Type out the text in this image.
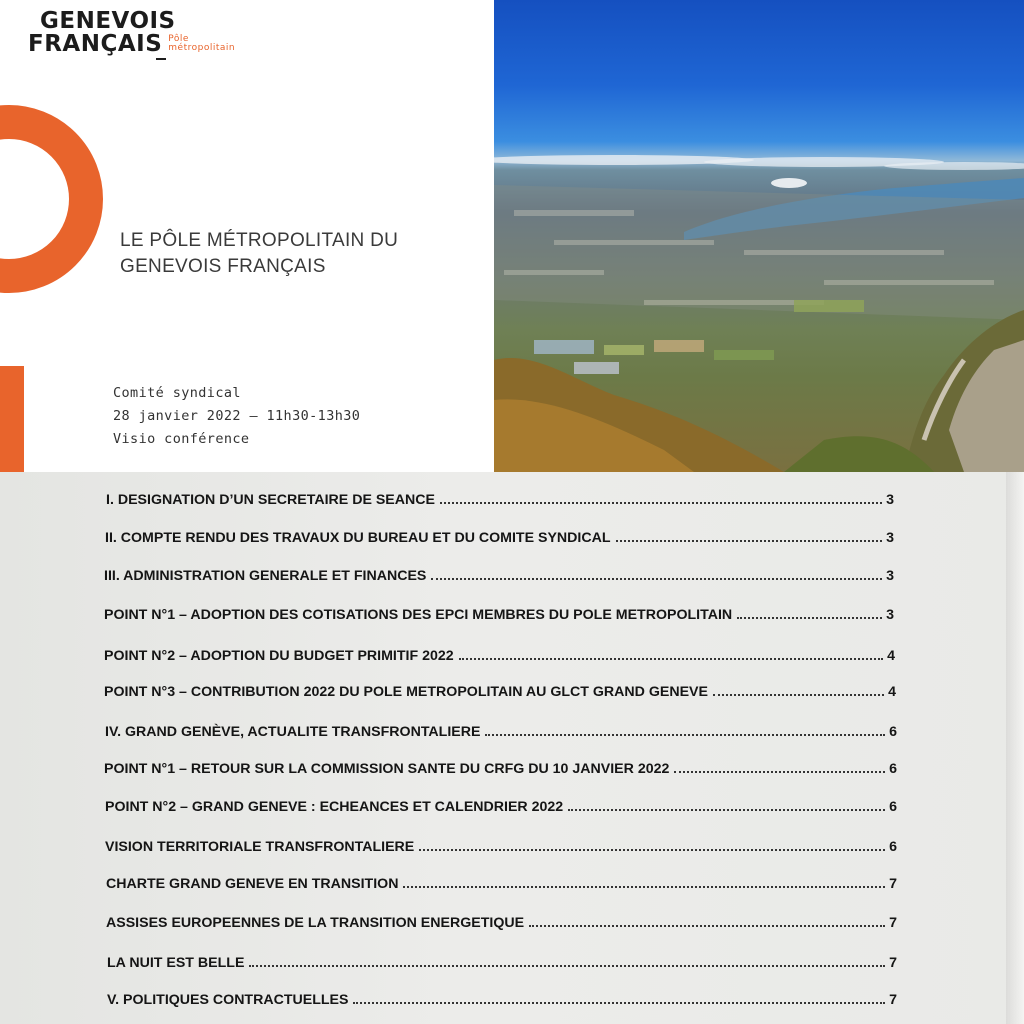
GENEVOIS
FRANÇAIS Pôle
métropolitain
LE PÔLE MÉTROPOLITAIN DU
GENEVOIS FRANÇAIS
Comité syndical
28 janvier 2022 – 11h30-13h30
Visio conférence
I. DESIGNATION D’UN SECRETAIRE DE SEANCE	3
II. COMPTE RENDU DES TRAVAUX DU BUREAU ET DU COMITE SYNDICAL	3
III. ADMINISTRATION GENERALE ET FINANCES	3
POINT N°1 – ADOPTION DES COTISATIONS DES EPCI MEMBRES DU POLE METROPOLITAIN	3
POINT N°2 – ADOPTION DU BUDGET PRIMITIF 2022	4
POINT N°3 – CONTRIBUTION 2022 DU POLE METROPOLITAIN AU GLCT GRAND GENEVE	4
IV. GRAND GENÈVE, ACTUALITE TRANSFRONTALIERE	6
POINT N°1 – RETOUR SUR LA COMMISSION SANTE DU CRFG DU 10 JANVIER 2022	6
POINT N°2 – GRAND GENEVE : ECHEANCES ET CALENDRIER 2022	6
VISION TERRITORIALE TRANSFRONTALIERE	6
CHARTE GRAND GENEVE EN TRANSITION	7
ASSISES EUROPEENNES DE LA TRANSITION ENERGETIQUE	7
LA NUIT EST BELLE	7
V. POLITIQUES CONTRACTUELLES	7
